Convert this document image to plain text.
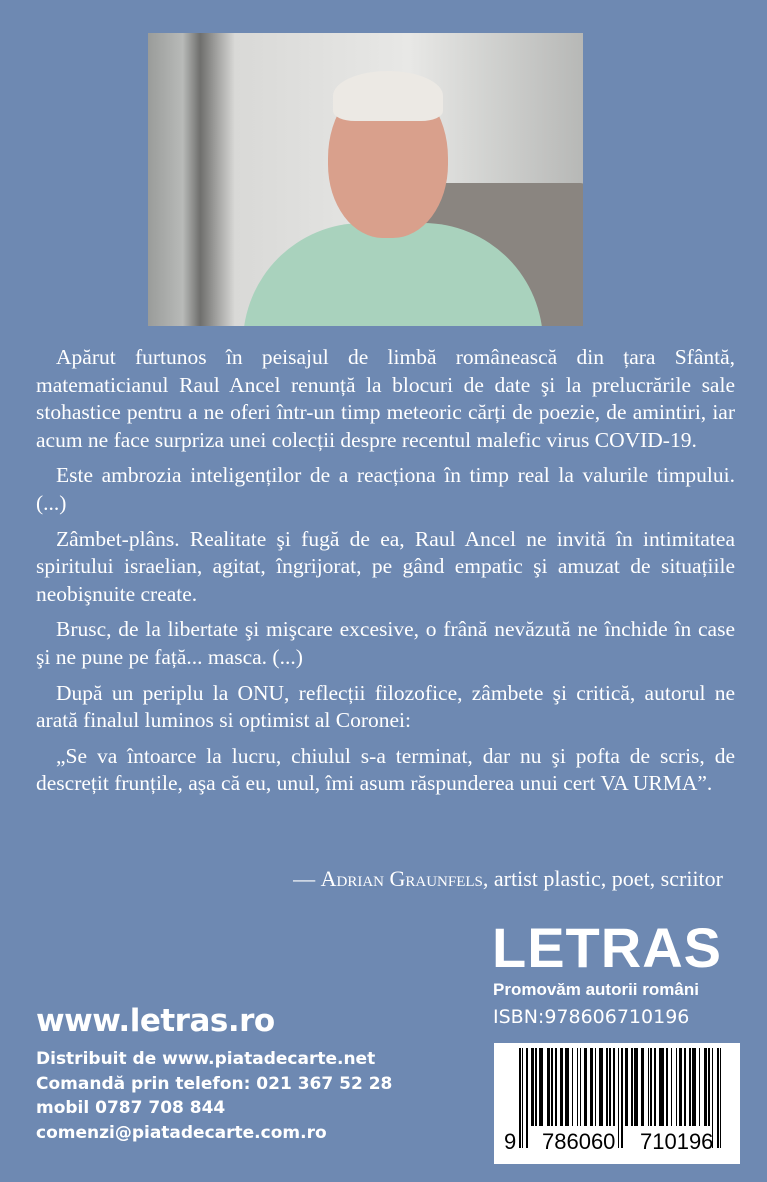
Apărut furtunos în peisajul de limbă românească din țara Sfântă, matematicianul Raul Ancel renunță la blocuri de date şi la prelucrările sale stohastice pentru a ne oferi într-un timp meteoric cărți de poezie, de amintiri, iar acum ne face surpriza unei colecții despre recentul malefic virus COVID-19.

Este ambrozia inteligenților de a reacționa în timp real la valurile timpului. (...)

Zâmbet-plâns. Realitate şi fugă de ea, Raul Ancel ne invită în intimitatea spiritului israelian, agitat, îngrijorat, pe gând empatic şi amuzat de situațiile neobişnuite create.

Brusc, de la libertate şi mişcare excesive, o frână nevăzută ne închide în case şi ne pune pe față... masca. (...)

După un periplu la ONU, reflecții filozofice, zâmbete şi critică, autorul ne arată finalul luminos si optimist al Coronei:

„Se va întoarce la lucru, chiulul s-a terminat, dar nu şi pofta de scris, de descrețit frunțile, aşa că eu, unul, îmi asum răspunderea unui cert VA URMA”.

— Adrian Graunfels, artist plastic, poet, scriitor
LETRAS
Promovăm autorii români
ISBN:978606710196
www.letras.ro
Distribuit de www.piatadecarte.net
Comandă prin telefon: 021 367 52 28
mobil 0787 708 844
comenzi@piatadecarte.com.ro	9 786060 710196
